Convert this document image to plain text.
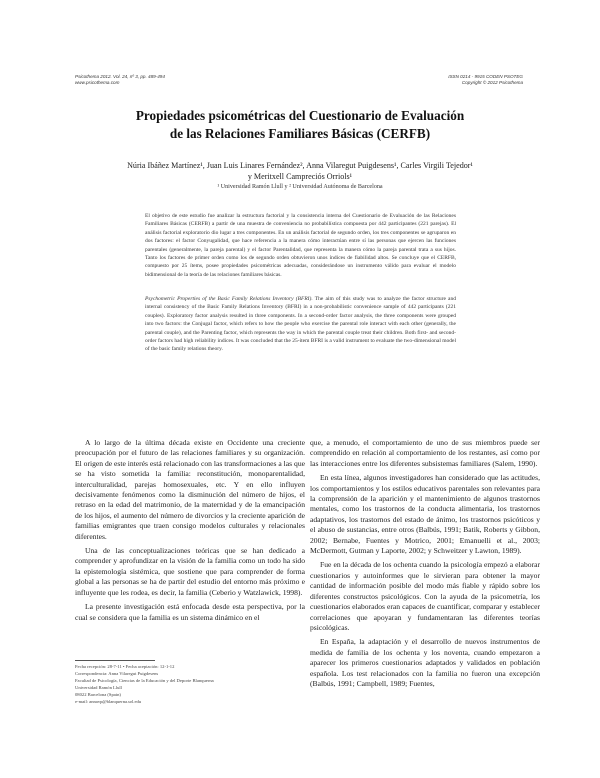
Psicothema 2012. Vol. 24, nº 3, pp. 489-494
www.psicothema.com
ISSN 0214 - 9915 CODEN PSOTEG
Copyright © 2012 Psicothema
Propiedades psicométricas del Cuestionario de Evaluación
de las Relaciones Familiares Básicas (CERFB)
Núria Ibáñez Martínez¹, Juan Luis Linares Fernández², Anna Vilaregut Puigdesens¹, Carles Virgili Tejedor¹
y Meritxell Campreciós Orriols¹
¹ Universidad Ramón Llull y ² Universidad Autónoma de Barcelona

El objetivo de este estudio fue analizar la estructura factorial y la consistencia interna del Cuestionario de Evaluación de las Relaciones Familiares Básicas (CERFB) a partir de una muestra de conveniencia no probabilística compuesta por 442 participantes (221 parejas). El análisis factorial exploratorio dio lugar a tres componentes. En un análisis factorial de segundo orden, los tres componentes se agruparon en dos factores: el factor Conyugalidad, que hace referencia a la manera cómo interactúan entre sí las personas que ejercen las funciones parentales (generalmente, la pareja parental) y el factor Parentalidad, que representa la manera cómo la pareja parental trata a sus hijos. Tanto los factores de primer orden como los de segundo orden obtuvieron unos índices de fiabilidad altos. Se concluye que el CERFB, compuesto por 25 ítems, posee propiedades psicométricas adecuadas, considerándose un instrumento válido para evaluar el modelo bidimensional de la teoría de las relaciones familiares básicas.

Psychometric Properties of the Basic Family Relations Inventory (BFRI). The aim of this study was to analyze the factor structure and internal consistency of the Basic Family Relations Inventory (BFRI) in a non-probabilistic convenience sample of 442 participants (221 couples). Exploratory factor analysis resulted in three components. In a second-order factor analysis, the three components were grouped into two factors: the Conjugal factor, which refers to how the people who exercise the parental role interact with each other (generally, the parental couple), and the Parenting factor, which represents the way in which the parental couple treat their children. Both first- and second-order factors had high reliability indices. It was concluded that the 25-item BFRI is a valid instrument to evaluate the two-dimensional model of the basic family relations theory.

A lo largo de la última década existe en Occidente una creciente preocupación por el futuro de las relaciones familiares y su organización. El origen de este interés está relacionado con las transformaciones a las que se ha visto sometida la familia: reconstitución, monoparentalidad, interculturalidad, parejas homosexuales, etc. Y en ello influyen decisivamente fenómenos como la disminución del número de hijos, el retraso en la edad del matrimonio, de la maternidad y de la emancipación de los hijos, el aumento del número de divorcios y la creciente aparición de familias emigrantes que traen consigo modelos culturales y relacionales diferentes.

Una de las conceptualizaciones teóricas que se han dedicado a comprender y aprofundizar en la visión de la familia como un todo ha sido la epistemología sistémica, que sostiene que para comprender de forma global a las personas se ha de partir del estudio del entorno más próximo e influyente que les rodea, es decir, la familia (Ceberio y Watzlawick, 1998).

La presente investigación está enfocada desde esta perspectiva, por la cual se considera que la familia es un sistema dinámico en el

que, a menudo, el comportamiento de uno de sus miembros puede ser comprendido en relación al comportamiento de los restantes, así como por las interacciones entre los diferentes subsistemas familiares (Salem, 1990).

En esta línea, algunos investigadores han considerado que las actitudes, los comportamientos y los estilos educativos parentales son relevantes para la comprensión de la aparición y el mantenimiento de algunos trastornos mentales, como los trastornos de la conducta alimentaria, los trastornos adaptativos, los trastornos del estado de ánimo, los trastornos psicóticos y el abuso de sustancias, entre otros (Balbús, 1991; Batik, Roberts y Gibbon, 2002; Bernabe, Fuentes y Motrico, 2001; Emanuelli et al., 2003; McDermott, Gutman y Laporte, 2002; y Schweitzer y Lawton, 1989).

Fue en la década de los ochenta cuando la psicología empezó a elaborar cuestionarios y autoinformes que le sirvieran para obtener la mayor cantidad de información posible del modo más fiable y rápido sobre los diferentes constructos psicológicos. Con la ayuda de la psicometría, los cuestionarios elaborados eran capaces de cuantificar, comparar y establecer correlaciones que apoyaran y fundamentaran las diferentes teorías psicológicas.

En España, la adaptación y el desarrollo de nuevos instrumentos de medida de familia de los ochenta y los noventa, cuando empezaron a aparecer los primeros cuestionarios adaptados y validados en población española. Los test relacionados con la familia no fueron una excepción (Balbús, 1991; Campbell, 1989; Fuentes,

Fecha recepción: 28-7-11 • Fecha aceptación: 12-1-12
Correspondencia: Anna Vilaregut Puigdesens
Facultad de Psicología, Ciencias de la Educación y del Deporte Blanquerna
Universidad Ramón Llull
08022 Barcelona (Spain)
e-mail: annavp@blanquerna.url.edu
